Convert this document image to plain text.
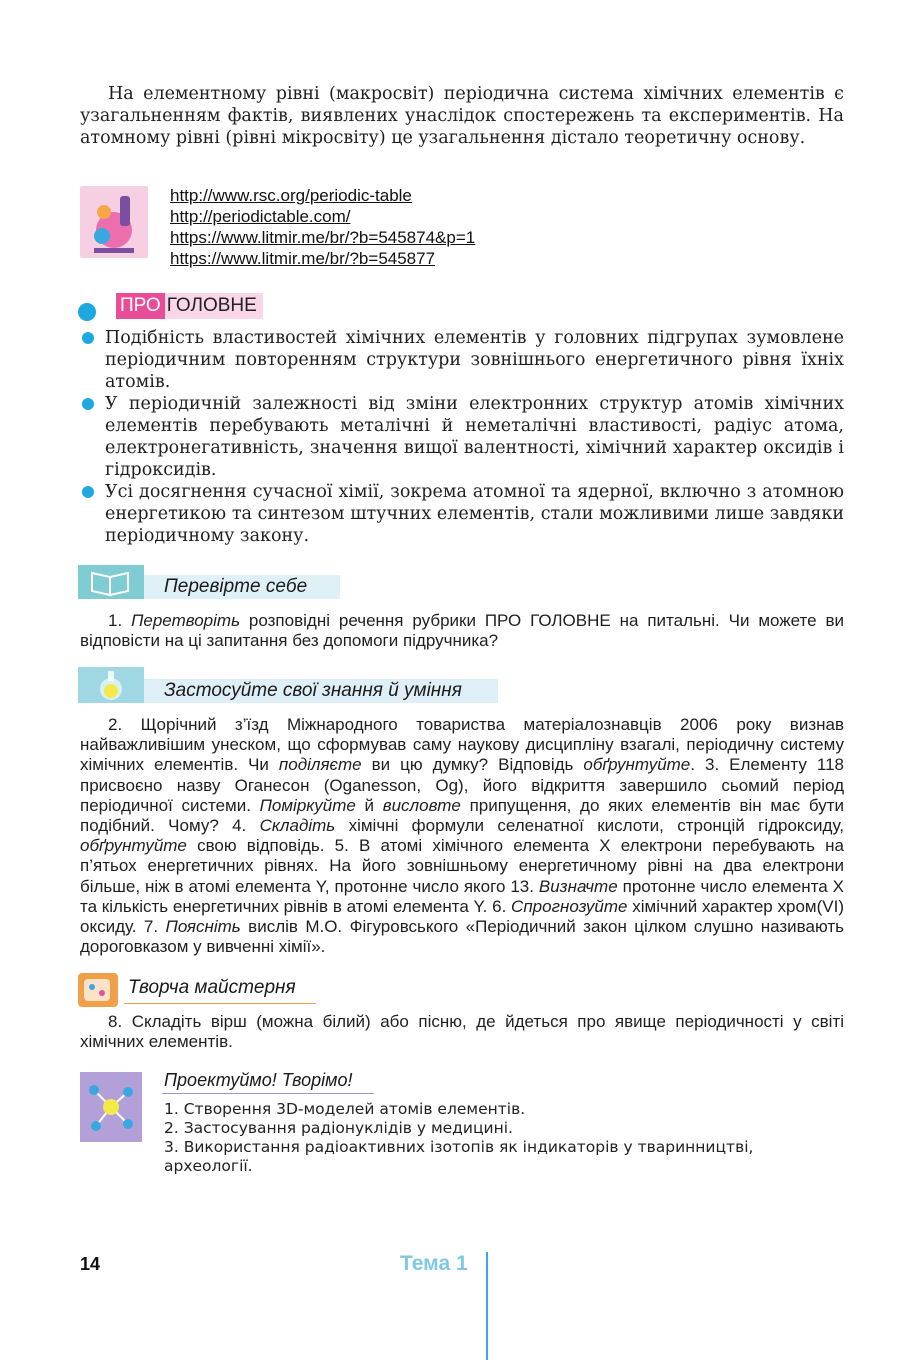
На елементному рівні (макросвіт) періодична система хімічних елементів є узагальненням фактів, виявлених унаслідок спостережень та експериментів. На атомному рівні (рівні мікросвіту) це узагальнення дістало теоретичну основу.

http://www.rsc.org/periodic-table
http://periodictable.com/
https://www.litmir.me/br/?b=545874&p=1
https://www.litmir.me/br/?b=545877
ПРО ГОЛОВНЕ
Подібність властивостей хімічних елементів у головних підгрупах зумовлене періодичним повторенням структури зовнішнього енергетичного рівня їхніх атомів.
У періодичній залежності від зміни електронних структур атомів хімічних елементів перебувають металічні й неметалічні властивості, радіус атома, електронегативність, значення вищої валентності, хімічний характер оксидів і гідроксидів.
Усі досягнення сучасної хімії, зокрема атомної та ядерної, включно з атомною енергетикою та синтезом штучних елементів, стали можливими лише завдяки періодичному закону.
Перевірте себе

1. Перетворіть розповідні речення рубрики ПРО ГОЛОВНЕ на питальні. Чи можете ви відповісти на ці запитання без допомоги підручника?

Застосуйте свої знання й уміння

2. Щорічний з’їзд Міжнародного товариства матеріалознавців 2006 року визнав найважливішим унеском, що сформував саму наукову дисципліну взагалі, періодичну систему хімічних елементів. Чи поділяєте ви цю думку? Відповідь обґрунтуйте. 3. Елементу 118 присвоєно назву Оганесон (Oganesson, Og), його відкриття завершило сьомий період періодичної системи. Поміркуйте й висловте припущення, до яких елементів він має бути подібний. Чому? 4. Складіть хімічні формули селенатної кислоти, стронцій гідроксиду, обґрунтуйте свою відповідь. 5. В атомі хімічного елемента X електрони перебувають на п’ятьох енергетичних рівнях. На його зовнішньому енергетичному рівні на два електрони більше, ніж в атомі елемента Y, протонне число якого 13. Визначте протонне число елемента X та кількість енергетичних рівнів в атомі елемента Y. 6. Спрогнозуйте хімічний характер хром(VI) оксиду. 7. Поясніть вислів М.О. Фігуровського «Періодичний закон цілком слушно називають дороговказом у вивченні хімії».

Творча майстерня

8. Складіть вірш (можна білий) або пісню, де йдеться про явище періодичності у світі хімічних елементів.

Проектуймо! Творімо!
1. Створення 3D-моделей атомів елементів.
2. Застосування радіонуклідів у медицині.
3. Використання радіоактивних ізотопів як індикаторів у тваринництві, археології.
14	Тема 1
